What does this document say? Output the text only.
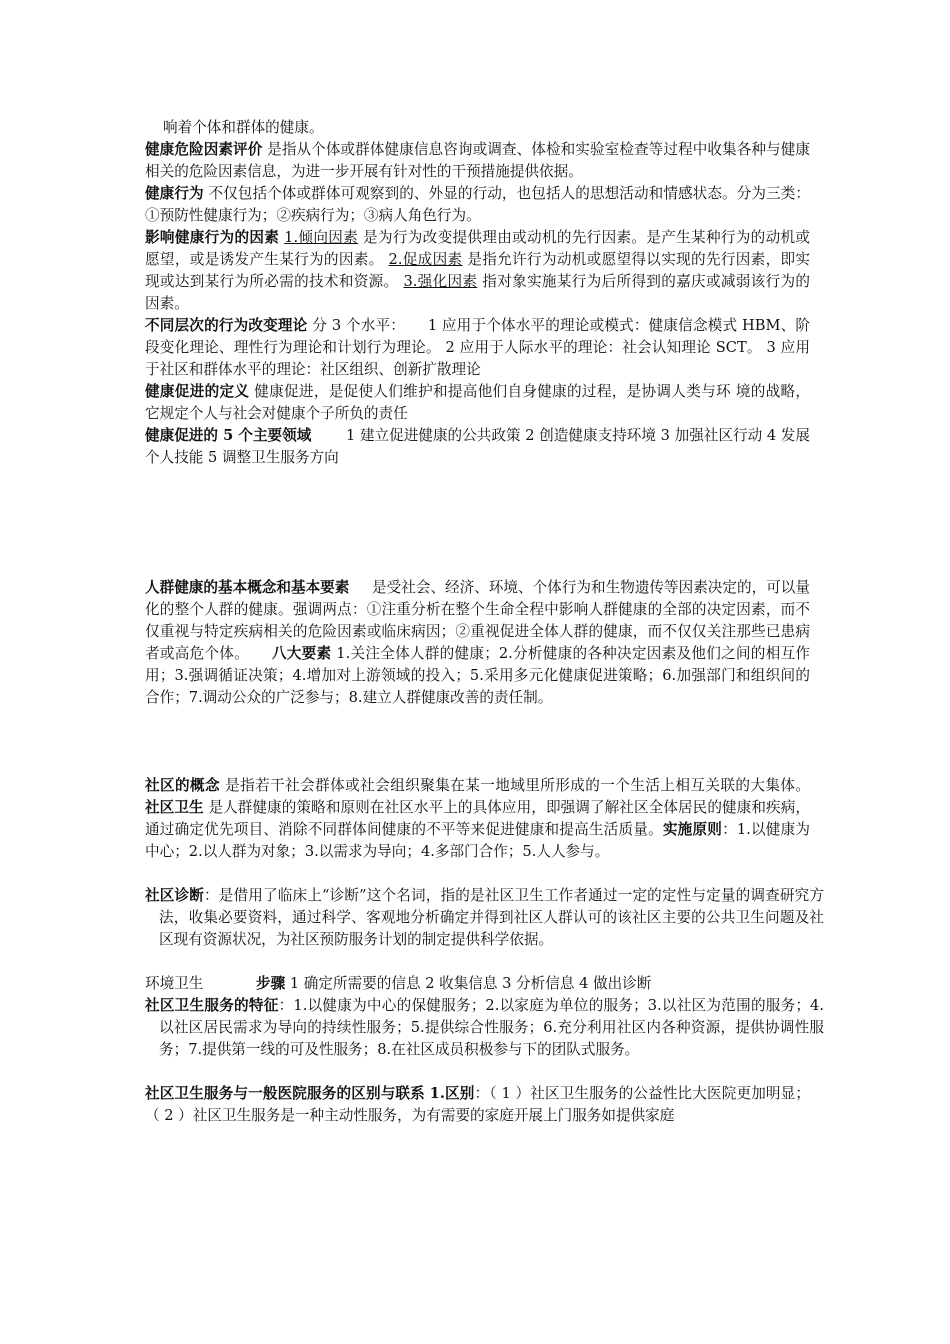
响着个体和群体的健康。
健康危险因素评价 是指从个体或群体健康信息咨询或调查、体检和实验室检查等过程中收集各种与健康相关的危险因素信息，为进一步开展有针对性的干预措施提供依据。
健康行为 不仅包括个体或群体可观察到的、外显的行动，也包括人的思想活动和情感状态。分为三类：①预防性健康行为；②疾病行为；③病人角色行为。
影响健康行为的因素 1.倾向因素 是为行为改变提供理由或动机的先行因素。是产生某种行为的动机或愿望，或是诱发产生某行为的因素。 2.促成因素 是指允许行为动机或愿望得以实现的先行因素，即实现或达到某行为所必需的技术和资源。 3.强化因素 指对象实施某行为后所得到的嘉庆或减弱该行为的因素。
不同层次的行为改变理论 分 3 个水平： 1 应用于个体水平的理论或模式：健康信念模式 HBM、阶段变化理论、理性行为理论和计划行为理论。 2 应用于人际水平的理论：社会认知理论 SCT。 3 应用于社区和群体水平的理论：社区组织、创新扩散理论
健康促进的定义 健康促进，是促使人们维护和提高他们自身健康的过程，是协调人类与环 境的战略，它规定个人与社会对健康个子所负的责任
健康促进的 5 个主要领域 1 建立促进健康的公共政策 2 创造健康支持环境 3 加强社区行动 4 发展个人技能 5 调整卫生服务方向
人群健康的基本概念和基本要素 是受社会、经济、环境、个体行为和生物遗传等因素决定的，可以量化的整个人群的健康。强调两点：①注重分析在整个生命全程中影响人群健康的全部的决定因素，而不仅重视与特定疾病相关的危险因素或临床病因；②重视促进全体人群的健康，而不仅仅关注那些已患病者或高危个体。 八大要素 1.关注全体人群的健康；2.分析健康的各种决定因素及他们之间的相互作用；3.强调循证决策；4.增加对上游领域的投入；5.采用多元化健康促进策略；6.加强部门和组织间的合作；7.调动公众的广泛参与；8.建立人群健康改善的责任制。
社区的概念 是指若干社会群体或社会组织聚集在某一地域里所形成的一个生活上相互关联的大集体。 社区卫生 是人群健康的策略和原则在社区水平上的具体应用，即强调了解社区全体居民的健康和疾病，通过确定优先项目、消除不同群体间健康的不平等来促进健康和提高生活质量。实施原则：1.以健康为中心；2.以人群为对象；3.以需求为导向；4.多部门合作；5.人人参与。
社区诊断：是借用了临床上“诊断”这个名词，指的是社区卫生工作者通过一定的定性与定量的调查研究方法，收集必要资料，通过科学、客观地分析确定并得到社区人群认可的该社区主要的公共卫生问题及社区现有资源状况，为社区预防服务计划的制定提供科学依据。
环境卫生	步骤 1 确定所需要的信息 2 收集信息 3 分析信息 4 做出诊断
社区卫生服务的特征：1.以健康为中心的保健服务；2.以家庭为单位的服务；3.以社区为范围的服务；4.以社区居民需求为导向的持续性服务；5.提供综合性服务；6.充分利用社区内各种资源，提供协调性服务；7.提供第一线的可及性服务；8.在社区成员积极参与下的团队式服务。
社区卫生服务与一般医院服务的区别与联系 1.区别：（ 1 ）社区卫生服务的公益性比大医院更加明显；（ 2 ）社区卫生服务是一种主动性服务，为有需要的家庭开展上门服务如提供家庭
